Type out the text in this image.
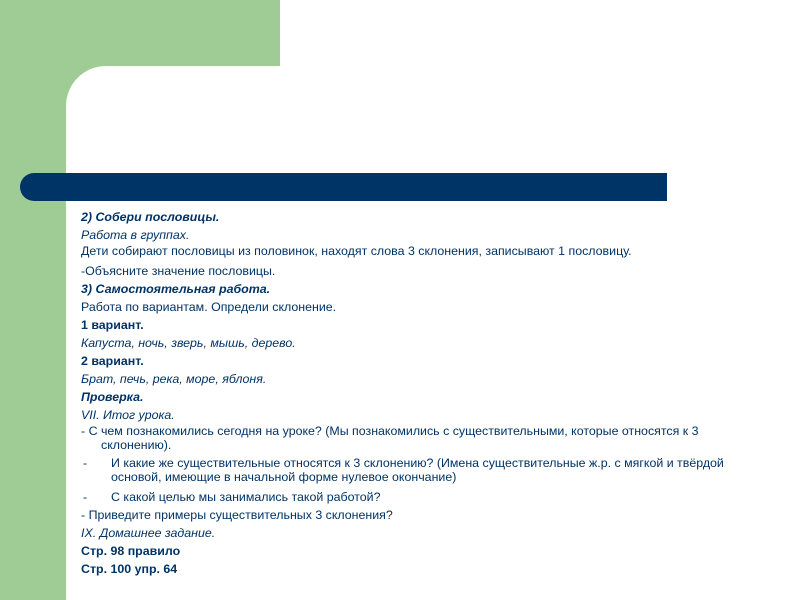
2) Собери пословицы.

Работа в группах.

Дети собирают пословицы из половинок, находят слова 3 склонения, записывают 1 пословицу.

-Объясните значение пословицы.

3) Самостоятельная работа.

Работа по вариантам. Определи склонение.

1 вариант.

Капуста, ночь, зверь, мышь, дерево.

2 вариант.

Брат, печь, река, море, яблоня.

Проверка.

VII. Итог урока.

- С чем познакомились сегодня на уроке? (Мы познакомились с существительными, которые относятся к 3 склонению).

- И какие же существительные относятся к 3 склонению? (Имена существительные ж.р. с мягкой и твёрдой основой, имеющие в начальной форме нулевое окончание)
- С какой целью мы занимались такой работой?

- Приведите примеры существительных 3 склонения?

IX. Домашнее задание.

Стр. 98 правило

Стр. 100 упр. 64
